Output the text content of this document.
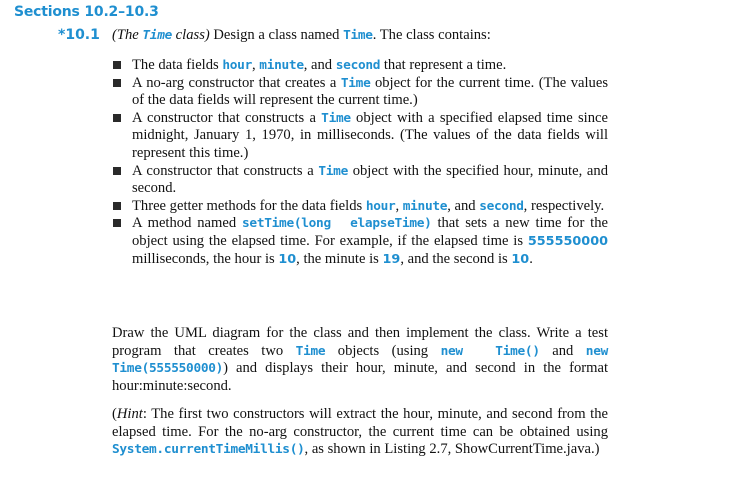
Sections 10.2–10.3
*10.1 (The Time class) Design a class named Time. The class contains:
The data fields hour, minute, and second that represent a time.
A no-arg constructor that creates a Time object for the current time. (The values of the data fields will represent the current time.)
A constructor that constructs a Time object with a specified elapsed time since midnight, January 1, 1970, in milliseconds. (The values of the data fields will represent this time.)
A constructor that constructs a Time object with the specified hour, minute, and second.
Three getter methods for the data fields hour, minute, and second, respectively.
A method named setTime(long  elapseTime) that sets a new time for the object using the elapsed time. For example, if the elapsed time is 555550000 milliseconds, the hour is 10, the minute is 19, and the second is 10.
Draw the UML diagram for the class and then implement the class. Write a test program that creates two Time objects (using new  Time() and new Time(555550000)) and displays their hour, minute, and second in the format hour:minute:second.
(Hint: The first two constructors will extract the hour, minute, and second from the elapsed time. For the no-arg constructor, the current time can be obtained using System.currentTimeMillis(), as shown in Listing 2.7, ShowCurrentTime.java.)
